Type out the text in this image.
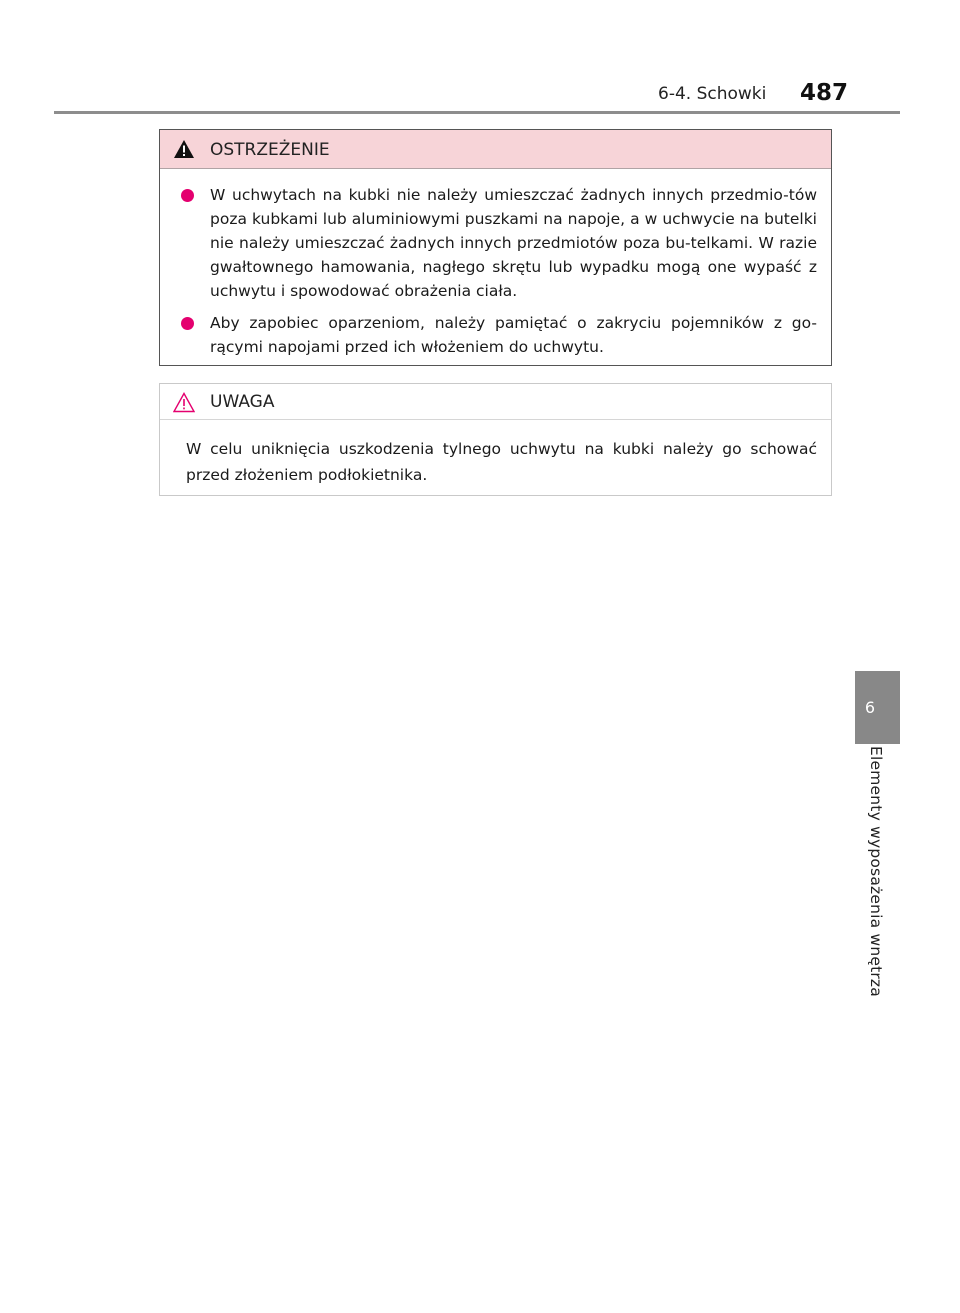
6-4. Schowki 487
OSTRZEŻENIE
W uchwytach na kubki nie należy umieszczać żadnych innych przedmio-tów poza kubkami lub aluminiowymi puszkami na napoje, a w uchwycie na butelki nie należy umieszczać żadnych innych przedmiotów poza bu-telkami. W razie gwałtownego hamowania, nagłego skrętu lub wypadku mogą one wypaść z uchwytu i spowodować obrażenia ciała.
Aby zapobiec oparzeniom, należy pamiętać o zakryciu pojemników z go-rącymi napojami przed ich włożeniem do uchwytu.
UWAGA
W celu uniknięcia uszkodzenia tylnego uchwytu na kubki należy go schować przed złożeniem podłokietnika.
6
Elementy wyposażenia wnętrza
